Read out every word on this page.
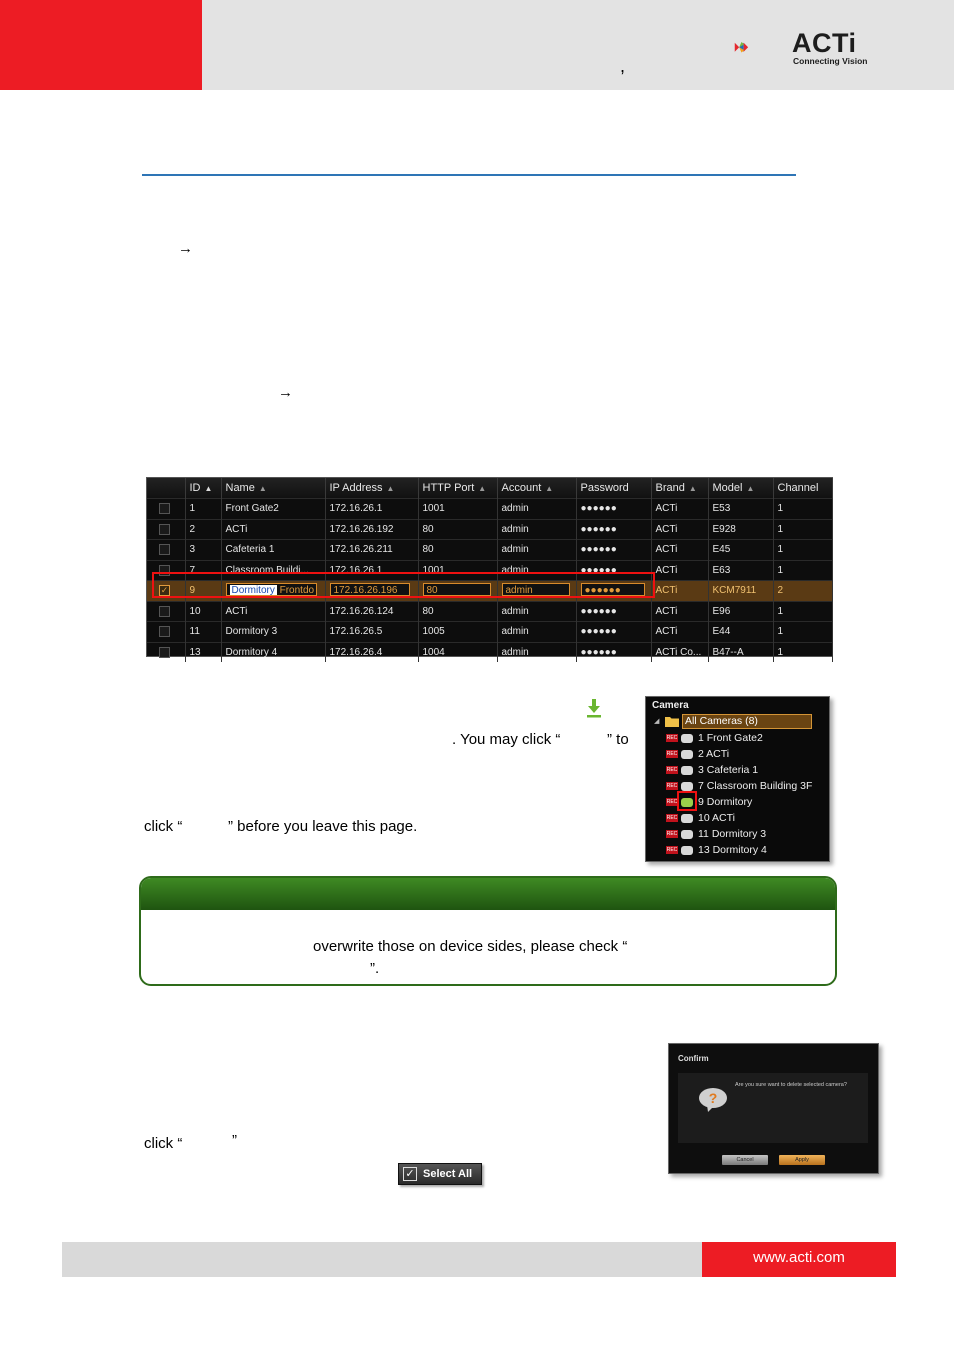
,
ACTi
Connecting Vision
→
→
	ID ▲	Name ▲	IP Address ▲	HTTP Port ▲	Account ▲	Password	Brand ▲	Model ▲	Channel
	1	Front Gate2	172.16.26.1	1001	admin	●●●●●●	ACTi	E53	1
	2	ACTi	172.16.26.192	80	admin	●●●●●●	ACTi	E928	1
	3	Cafeteria 1	172.16.26.211	80	admin	●●●●●●	ACTi	E45	1
	7	Classroom Buildi...	172.16.26.1	1001	admin	●●●●●●	ACTi	E63	1
✓	9	Dormitory Frontdo	172.16.26.196	80	admin	●●●●●●	ACTi	KCM7911	2
	10	ACTi	172.16.26.124	80	admin	●●●●●●	ACTi	E96	1
	11	Dormitory 3	172.16.26.5	1005	admin	●●●●●●	ACTi	E44	1
	13	Dormitory 4	172.16.26.4	1004	admin	●●●●●●	ACTi Co...	B47--A	1
. You may click “	” to
click “	” before you leave this page.
Camera
◢ All Cameras (8)
REC 1 Front Gate2
REC 2 ACTi
REC 3 Cafeteria 1
REC 7 Classroom Building 3F
REC 9 Dormitory
REC 10 ACTi
REC 11 Dormitory 3
REC 13 Dormitory 4
overwrite those on device sides, please check “
”.
Confirm
?
Are you sure want to delete selected camera?
Cancel	Apply
click “	”
✓ Select All
www.acti.com
